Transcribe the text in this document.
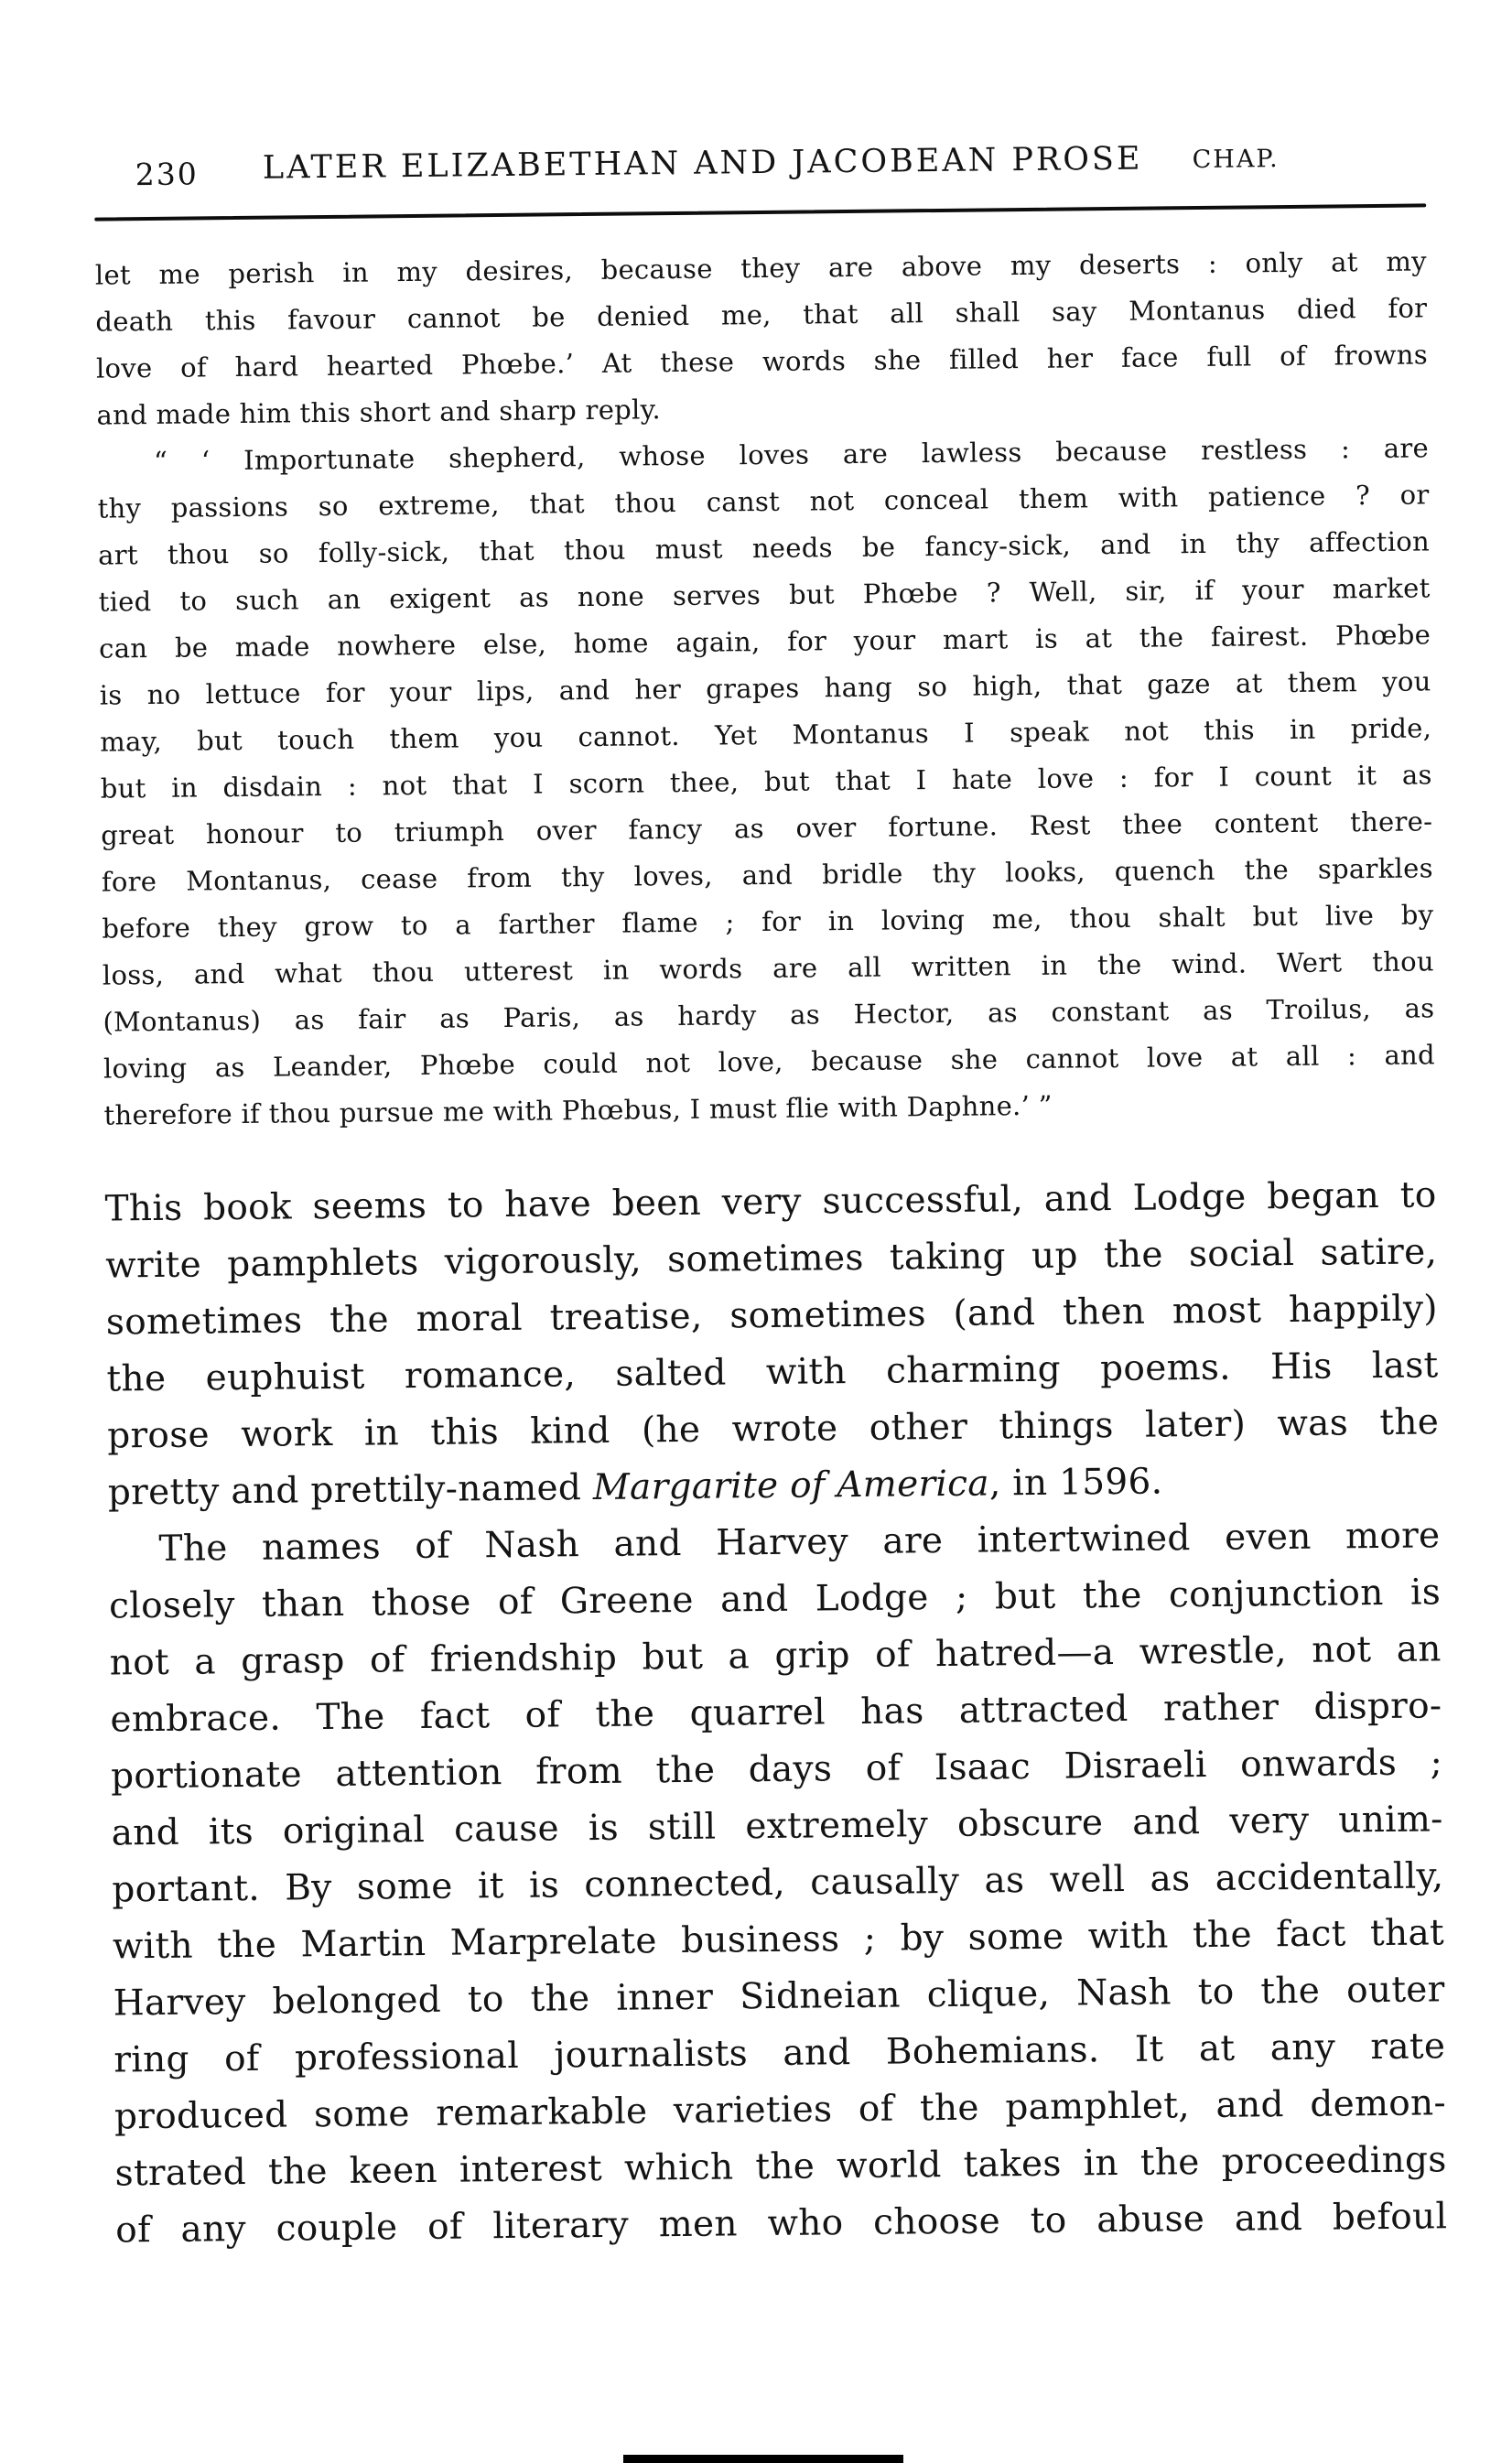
230	LATER ELIZABETHAN AND JACOBEAN PROSE	CHAP.
let me perish in my desires, because they are above my deserts : only at my
death this favour cannot be denied me, that all shall say Montanus died for
love of hard hearted Phœbe.’ At these words she filled her face full of frowns
and made him this short and sharp reply.
“ ‘ Importunate shepherd, whose loves are lawless because restless : are
thy passions so extreme, that thou canst not conceal them with patience ? or
art thou so folly-sick, that thou must needs be fancy-sick, and in thy affection
tied to such an exigent as none serves but Phœbe ? Well, sir, if your market
can be made nowhere else, home again, for your mart is at the fairest. Phœbe
is no lettuce for your lips, and her grapes hang so high, that gaze at them you
may, but touch them you cannot. Yet Montanus I speak not this in pride,
but in disdain : not that I scorn thee, but that I hate love : for I count it as
great honour to triumph over fancy as over fortune. Rest thee content there-
fore Montanus, cease from thy loves, and bridle thy looks, quench the sparkles
before they grow to a farther flame ; for in loving me, thou shalt but live by
loss, and what thou utterest in words are all written in the wind. Wert thou
(Montanus) as fair as Paris, as hardy as Hector, as constant as Troilus, as
loving as Leander, Phœbe could not love, because she cannot love at all : and
therefore if thou pursue me with Phœbus, I must flie with Daphne.’ ”
This book seems to have been very successful, and Lodge began to
write pamphlets vigorously, sometimes taking up the social satire,
sometimes the moral treatise, sometimes (and then most happily)
the euphuist romance, salted with charming poems. His last
prose work in this kind (he wrote other things later) was the
pretty and prettily-named Margarite of America, in 1596.
The names of Nash and Harvey are intertwined even more
closely than those of Greene and Lodge ; but the conjunction is
not a grasp of friendship but a grip of hatred—a wrestle, not an
embrace. The fact of the quarrel has attracted rather dispro-
portionate attention from the days of Isaac Disraeli onwards ;
and its original cause is still extremely obscure and very unim-
portant. By some it is connected, causally as well as accidentally,
with the Martin Marprelate business ; by some with the fact that
Harvey belonged to the inner Sidneian clique, Nash to the outer
ring of professional journalists and Bohemians. It at any rate
produced some remarkable varieties of the pamphlet, and demon-
strated the keen interest which the world takes in the proceedings
of any couple of literary men who choose to abuse and befoul
